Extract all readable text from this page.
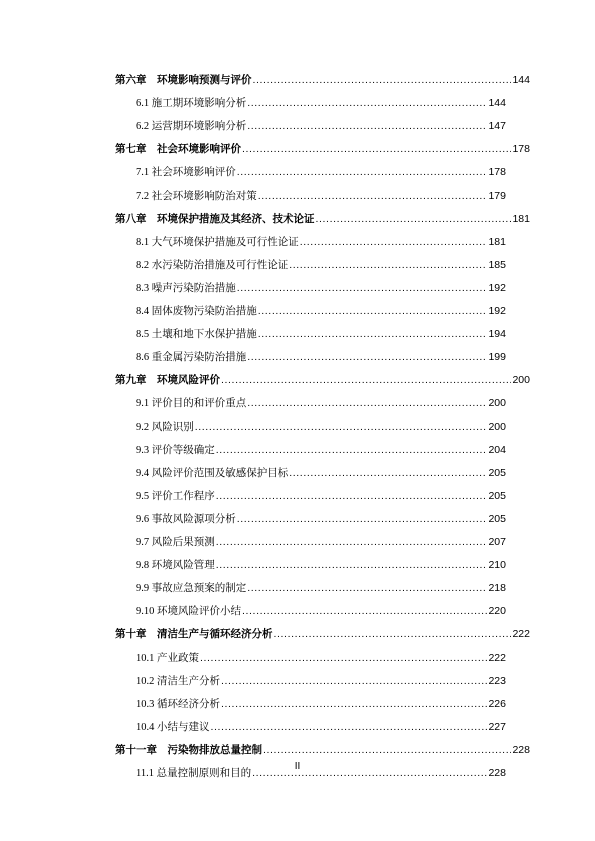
第六章　环境影响预测与评价 .....	144
6.1 施工期环境影响分析 .....	144
6.2 运营期环境影响分析 .....	147
第七章　社会环境影响评价 .....	178
7.1 社会环境影响评价 .....	178
7.2 社会环境影响防治对策 .....	179
第八章　环境保护措施及其经济、技术论证 .....	181
8.1 大气环境保护措施及可行性论证 .....	181
8.2 水污染防治措施及可行性论证 .....	185
8.3 噪声污染防治措施 .....	192
8.4 固体废物污染防治措施 .....	192
8.5 土壤和地下水保护措施 .....	194
8.6 重金属污染防治措施 .....	199
第九章　环境风险评价 .....	200
9.1 评价目的和评价重点 .....	200
9.2 风险识别 .....	200
9.3 评价等级确定 .....	204
9.4 风险评价范围及敏感保护目标 .....	205
9.5 评价工作程序 .....	205
9.6 事故风险源项分析 .....	205
9.7 风险后果预测 .....	207
9.8 环境风险管理 .....	210
9.9 事故应急预案的制定 .....	218
9.10 环境风险评价小结 .....	220
第十章　清洁生产与循环经济分析 .....	222
10.1 产业政策 .....	222
10.2 清洁生产分析 .....	223
10.3 循环经济分析 .....	226
10.4 小结与建议 .....	227
第十一章　污染物排放总量控制 .....	228
11.1 总量控制原则和目的 .....	228
II
